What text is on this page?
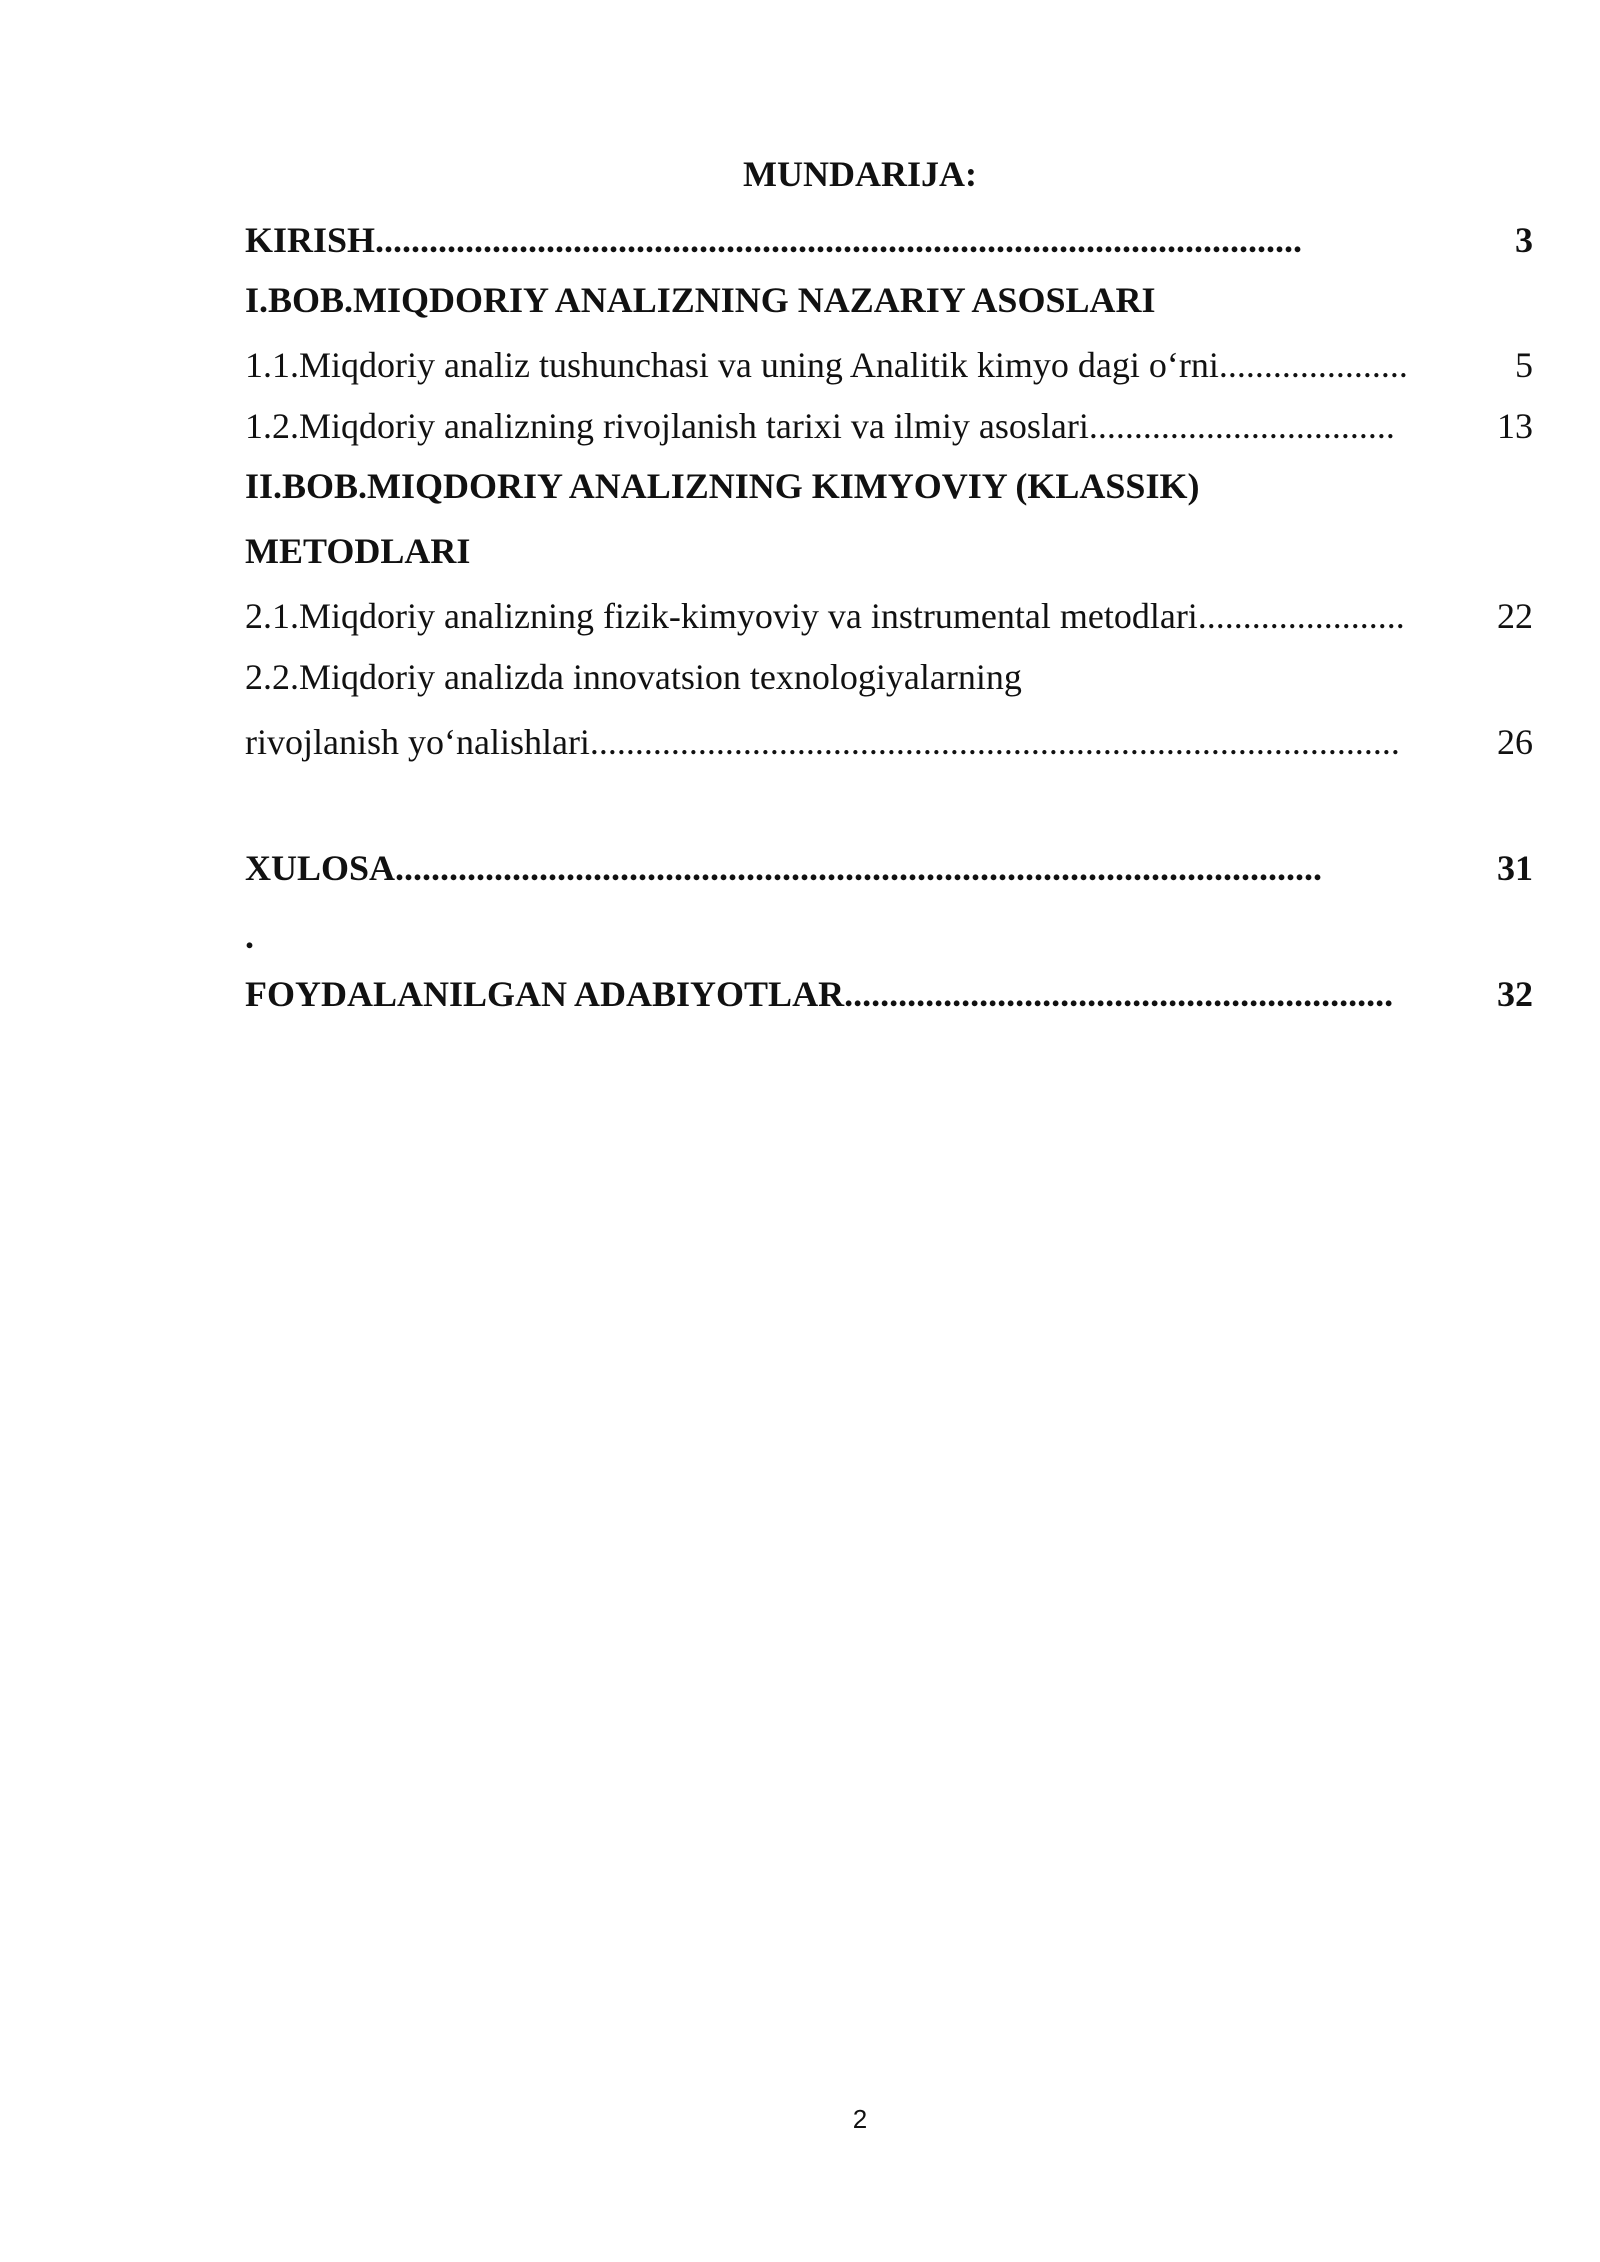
MUNDARIJA:
KIRISH.......................................................................................................	3
I.BOB.MIQDORIY ANALIZNING NAZARIY ASOSLARI
1.1.Miqdoriy analiz tushunchasi va uning Analitik kimyo dagi o‘rni.....................	5
1.2.Miqdoriy analizning rivojlanish tarixi va ilmiy asoslari..................................	13
II.BOB.MIQDORIY ANALIZNING KIMYOVIY (KLASSIK)
METODLARI
2.1.Miqdoriy analizning fizik-kimyoviy va instrumental metodlari.......................	22
2.2.Miqdoriy analizda innovatsion texnologiyalarning
rivojlanish yo‘nalishlari..........................................................................................	26
XULOSA.......................................................................................................	31
.
FOYDALANILGAN ADABIYOTLAR.............................................................	32
2
